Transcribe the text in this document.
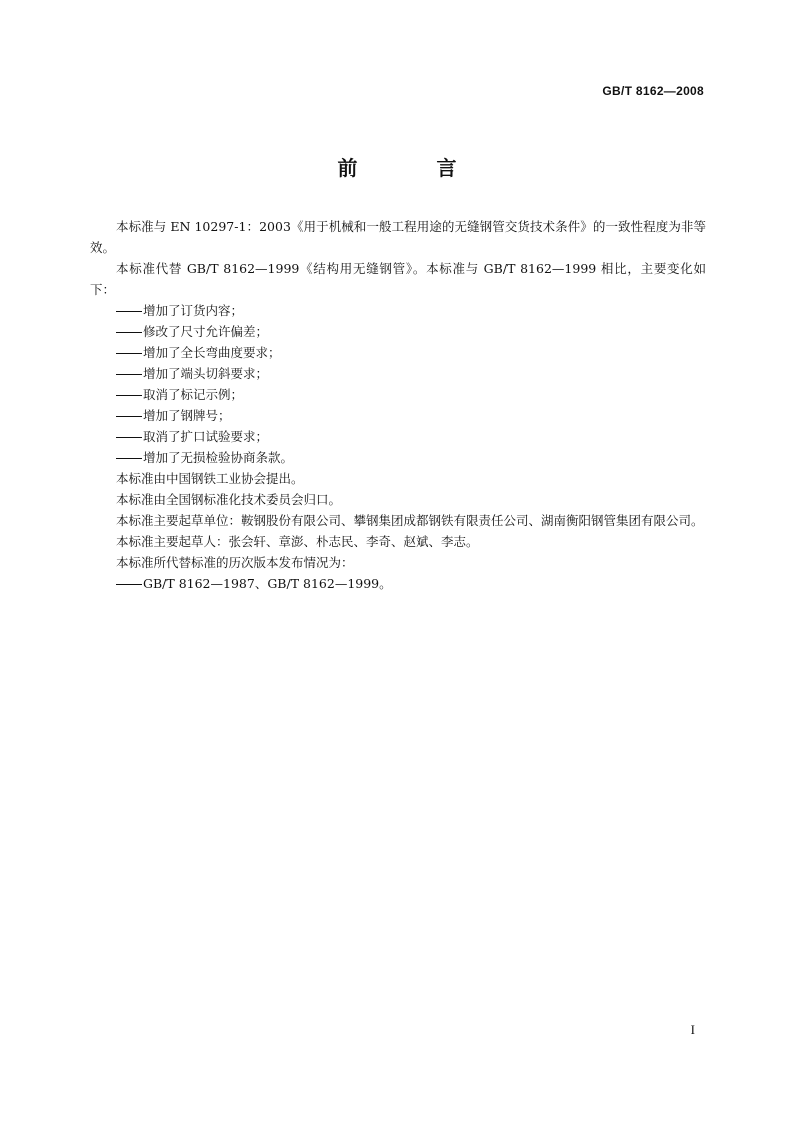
GB/T 8162—2008
前 言

本标准与 EN 10297-1：2003《用于机械和一般工程用途的无缝钢管交货技术条件》的一致性程度为非等效。

本标准代替 GB/T 8162—1999《结构用无缝钢管》。本标准与 GB/T 8162—1999 相比，主要变化如下：

增加了订货内容；

修改了尺寸允许偏差；

增加了全长弯曲度要求；

增加了端头切斜要求；

取消了标记示例；

增加了钢牌号；

取消了扩口试验要求；

增加了无损检验协商条款。

本标准由中国钢铁工业协会提出。

本标准由全国钢标准化技术委员会归口。

本标准主要起草单位：鞍钢股份有限公司、攀钢集团成都钢铁有限责任公司、湖南衡阳钢管集团有限公司。

本标准主要起草人：张会轩、章澎、朴志民、李奇、赵斌、李志。

本标准所代替标准的历次版本发布情况为：

GB/T 8162—1987、GB/T 8162—1999。

I
